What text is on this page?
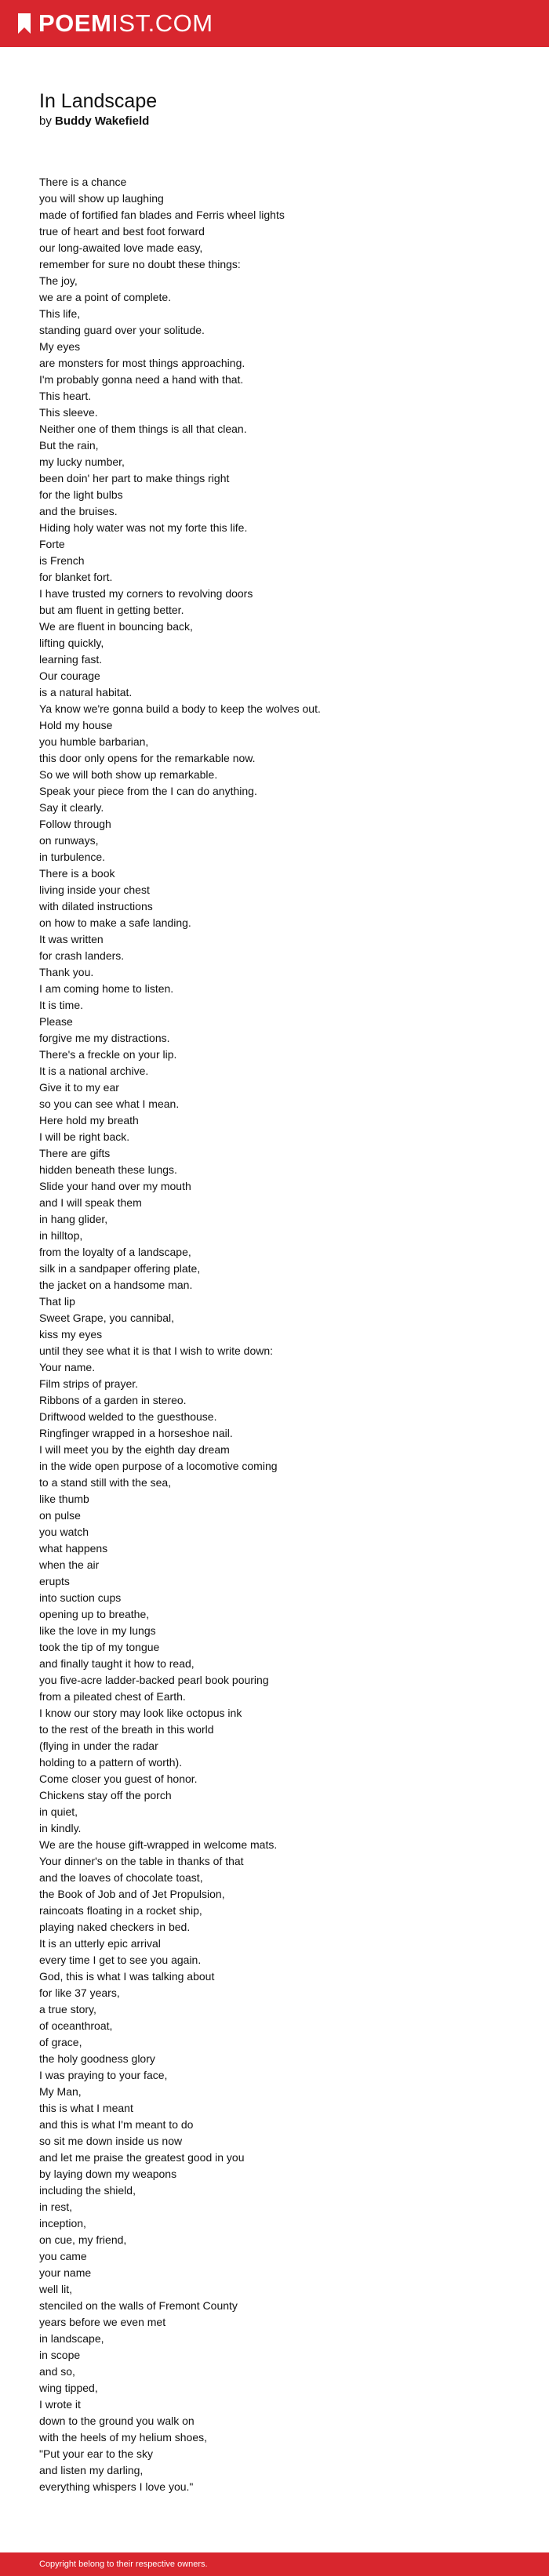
POEMIST.COM
In Landscape
by Buddy Wakefield
There is a chance
you will show up laughing
made of fortified fan blades and Ferris wheel lights
true of heart and best foot forward
our long-awaited love made easy,
remember for sure no doubt these things:
The joy,
we are a point of complete.
This life,
standing guard over your solitude.
My eyes
are monsters for most things approaching.
I'm probably gonna need a hand with that.
This heart.
This sleeve.
Neither one of them things is all that clean.
But the rain,
my lucky number,
been doin' her part to make things right
for the light bulbs
and the bruises.
Hiding holy water was not my forte this life.
Forte
is French
for blanket fort.
I have trusted my corners to revolving doors
but am fluent in getting better.
We are fluent in bouncing back,
lifting quickly,
learning fast.
Our courage
is a natural habitat.
Ya know we're gonna build a body to keep the wolves out.
Hold my house
you humble barbarian,
this door only opens for the remarkable now.
So we will both show up remarkable.
Speak your piece from the I can do anything.
Say it clearly.
Follow through
on runways,
in turbulence.
There is a book
living inside your chest
with dilated instructions
on how to make a safe landing.
It was written
for crash landers.
Thank you.
I am coming home to listen.
It is time.
Please
forgive me my distractions.
There's a freckle on your lip.
It is a national archive.
Give it to my ear
so you can see what I mean.
Here hold my breath
I will be right back.
There are gifts
hidden beneath these lungs.
Slide your hand over my mouth
and I will speak them
in hang glider,
in hilltop,
from the loyalty of a landscape,
silk in a sandpaper offering plate,
the jacket on a handsome man.
That lip
Sweet Grape, you cannibal,
kiss my eyes
until they see what it is that I wish to write down:
Your name.
Film strips of prayer.
Ribbons of a garden in stereo.
Driftwood welded to the guesthouse.
Ringfinger wrapped in a horseshoe nail.
I will meet you by the eighth day dream
in the wide open purpose of a locomotive coming
to a stand still with the sea,
like thumb
on pulse
you watch
what happens
when the air
erupts
into suction cups
opening up to breathe,
like the love in my lungs
took the tip of my tongue
and finally taught it how to read,
you five-acre ladder-backed pearl book pouring
from a pileated chest of Earth.
I know our story may look like octopus ink
to the rest of the breath in this world
(flying in under the radar
holding to a pattern of worth).
Come closer you guest of honor.
Chickens stay off the porch
in quiet,
in kindly.
We are the house gift-wrapped in welcome mats.
Your dinner's on the table in thanks of that
and the loaves of chocolate toast,
the Book of Job and of Jet Propulsion,
raincoats floating in a rocket ship,
playing naked checkers in bed.
It is an utterly epic arrival
every time I get to see you again.
God, this is what I was talking about
for like 37 years,
a true story,
of oceanthroat,
of grace,
the holy goodness glory
I was praying to your face,
My Man,
this is what I meant
and this is what I'm meant to do
so sit me down inside us now
and let me praise the greatest good in you
by laying down my weapons
including the shield,
in rest,
inception,
on cue, my friend,
you came
your name
well lit,
stenciled on the walls of Fremont County
years before we even met
in landscape,
in scope
and so,
wing tipped,
I wrote it
down to the ground you walk on
with the heels of my helium shoes,
"Put your ear to the sky
and listen my darling,
everything whispers I love you."
Copyright belong to their respective owners.
